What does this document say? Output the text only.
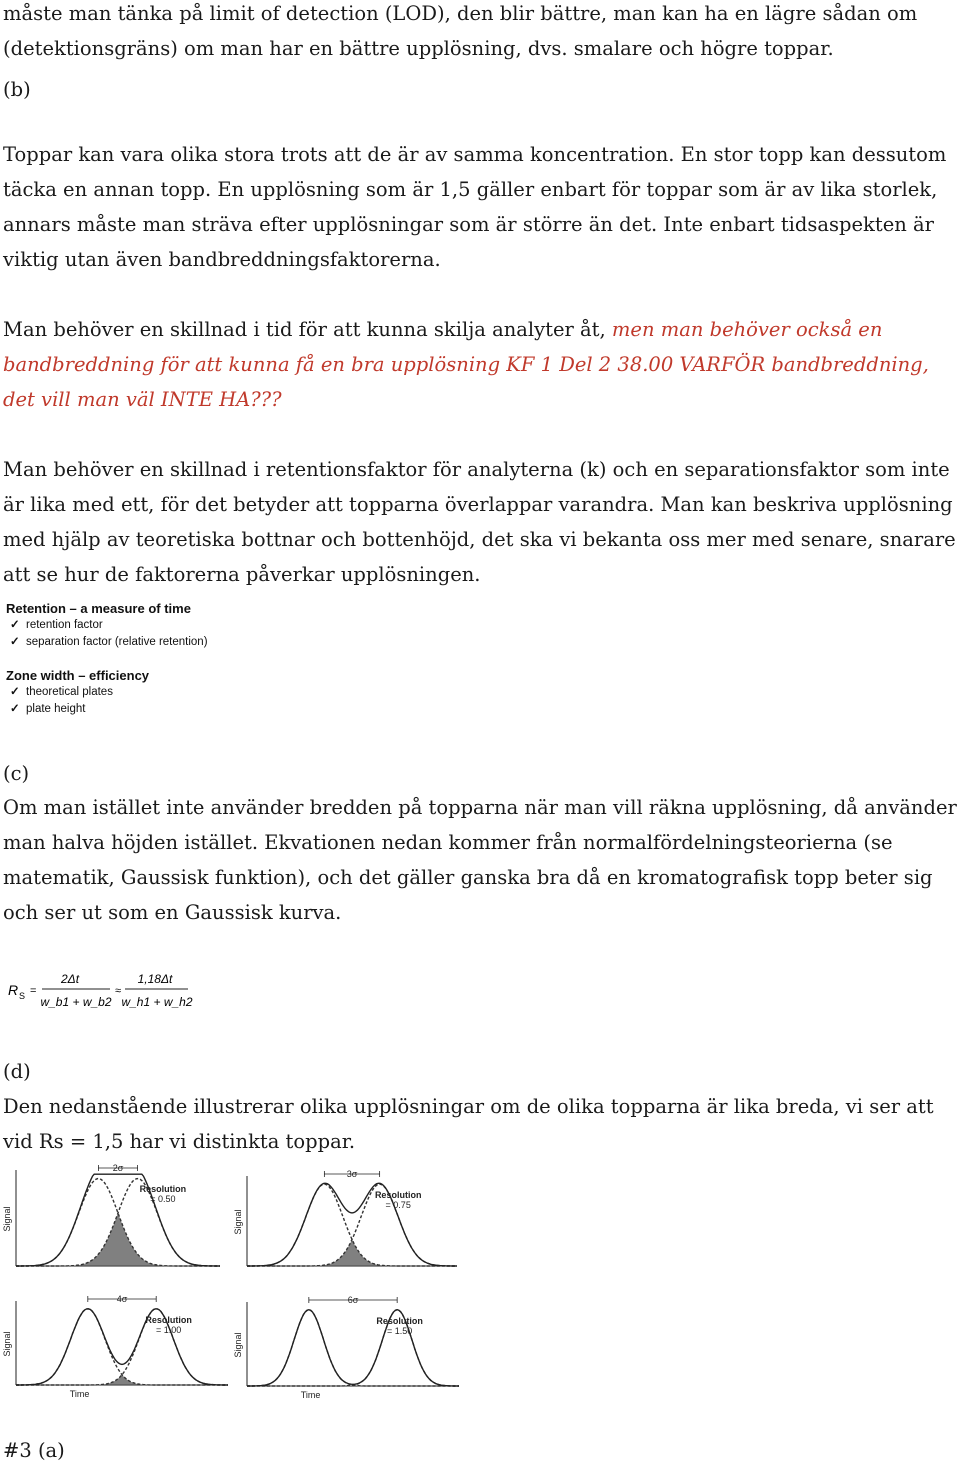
måste man tänka på limit of detection (LOD), den blir bättre, man kan ha en lägre sådan om (detektionsgräns) om man har en bättre upplösning, dvs. smalare och högre toppar.

(b)

Toppar kan vara olika stora trots att de är av samma koncentration. En stor topp kan dessutom täcka en annan topp. En upplösning som är 1,5 gäller enbart för toppar som är av lika storlek, annars måste man sträva efter upplösningar som är större än det. Inte enbart tidsaspekten är viktig utan även bandbreddningsfaktorerna.

Man behöver en skillnad i tid för att kunna skilja analyter åt, men man behöver också en bandbreddning för att kunna få en bra upplösning KF 1 Del 2 38.00 VARFÖR bandbreddning, det vill man väl INTE HA???

Man behöver en skillnad i retentionsfaktor för analyterna (k) och en separationsfaktor som inte är lika med ett, för det betyder att topparna överlappar varandra. Man kan beskriva upplösning med hjälp av teoretiska bottnar och bottenhöjd, det ska vi bekanta oss mer med senare, snarare att se hur de faktorerna påverkar upplösningen.

Retention – a measure of time
✓ retention factor
✓ separation factor (relative retention)
Zone width – efficiency
✓ theoretical plates
✓ plate height

(c)

Om man istället inte använder bredden på topparna när man vill räkna upplösning, då använder man halva höjden istället. Ekvationen nedan kommer från normalfördelningsteorierna (se matematik, Gaussisk funktion), och det gäller ganska bra då en kromatografisk topp beter sig och ser ut som en Gaussisk kurva.

R S =
2Δt
w_b1 + w_b2
≈
1,18Δt
w_h1 + w_h2

(d)

Den nedanstående illustrerar olika upplösningar om de olika topparna är lika breda, vi ser att vid Rs = 1,5 har vi distinkta toppar.

Signal
2σ
Resolution
= 0.50
Signal
3σ
Resolution
= 0.75
Signal
Time
4σ
Resolution
= 1.00
Signal
Time
6σ
Resolution
= 1.50

#3 (a)
